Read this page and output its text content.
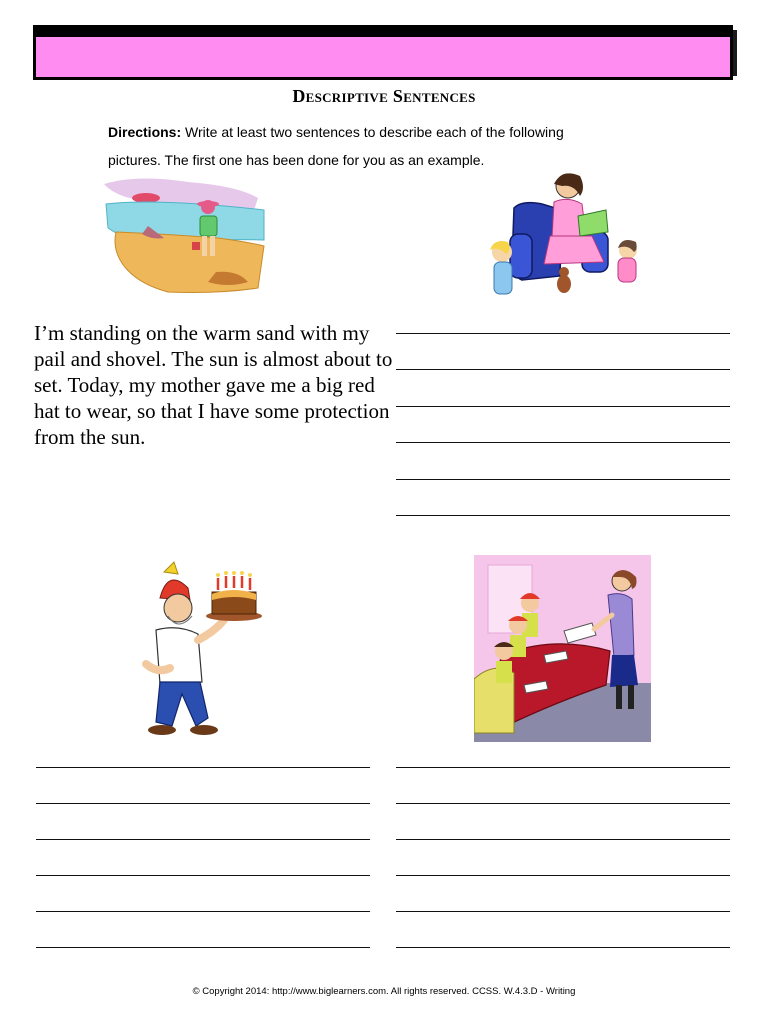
Descriptive Sentences
Directions: Write at least two sentences to describe each of the following
pictures. The first one has been done for you as an example.
I’m standing on the warm sand with my pail and shovel. The sun is almost about to set. Today, my mother gave me a big red hat to wear, so that I have some protection from the sun.
© Copyright 2014: http://www.biglearners.com. All rights reserved. CCSS. W.4.3.D - Writing
